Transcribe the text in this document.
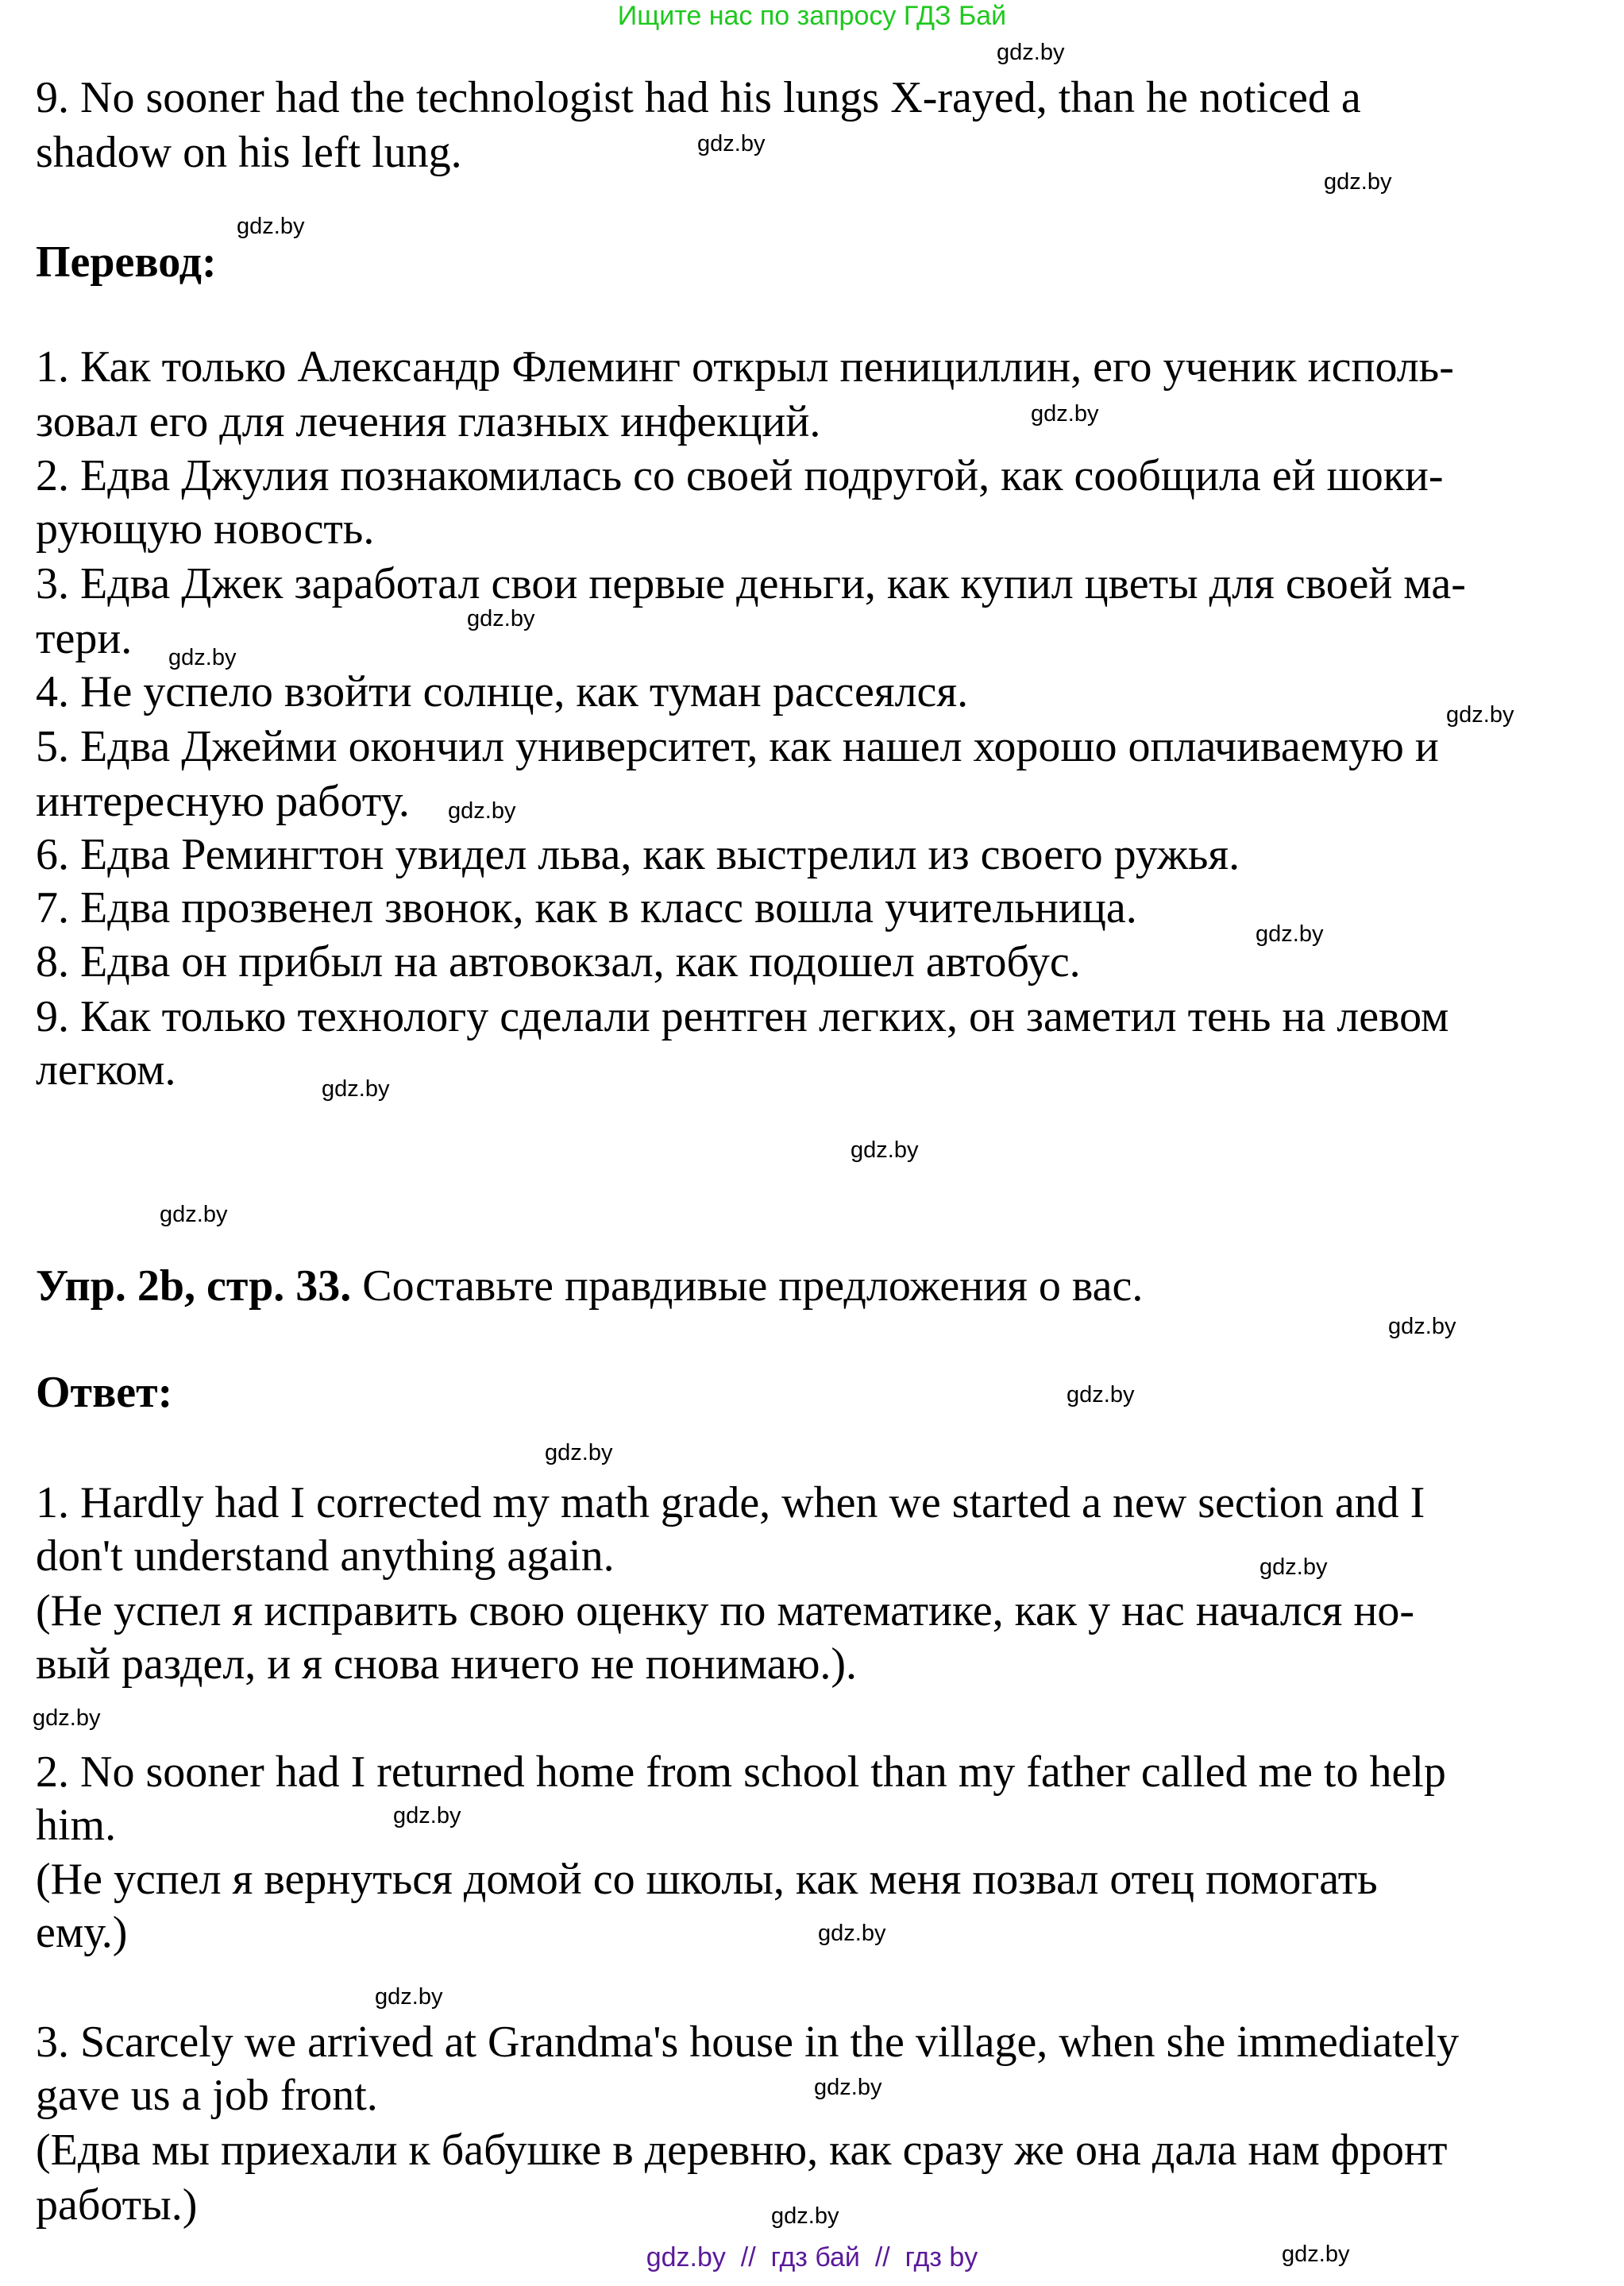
Ищите нас по запросу ГДЗ Бай
9. No sooner had the technologist had his lungs X-rayed, than he noticed a
shadow on his left lung.
Перевод:
1. Как только Александр Флеминг открыл пенициллин, его ученик исполь-
зовал его для лечения глазных инфекций.
2. Едва Джулия познакомилась со своей подругой, как сообщила ей шоки-
рующую новость.
3. Едва Джек заработал свои первые деньги, как купил цветы для своей ма-
тери.
4. Не успело взойти солнце, как туман рассеялся.
5. Едва Джейми окончил университет, как нашел хорошо оплачиваемую и
интересную работу.
6. Едва Ремингтон увидел льва, как выстрелил из своего ружья.
7. Едва прозвенел звонок, как в класс вошла учительница.
8. Едва он прибыл на автовокзал, как подошел автобус.
9. Как только технологу сделали рентген легких, он заметил тень на левом
легком.
Упр. 2b, стр. 33. Составьте правдивые предложения о вас.
Ответ:
1. Hardly had I corrected my math grade, when we started a new section and I
don't understand anything again.
(Не успел я исправить свою оценку по математике, как у нас начался но-
вый раздел, и я снова ничего не понимаю.).
2. No sooner had I returned home from school than my father called me to help
him.
(Не успел я вернуться домой со школы, как меня позвал отец помогать
ему.)
3. Scarcely we arrived at Grandma's house in the village, when she immediately
gave us a job front.
(Едва мы приехали к бабушке в деревню, как сразу же она дала нам фронт
работы.)
gdz.by
gdz.by
gdz.by
gdz.by
gdz.by
gdz.by
gdz.by
gdz.by
gdz.by
gdz.by
gdz.by
gdz.by
gdz.by
gdz.by
gdz.by
gdz.by
gdz.by
gdz.by
gdz.by
gdz.by
gdz.by
gdz.by
gdz.by
gdz.by
gdz.by  //  гдз бай  //  гдз by
